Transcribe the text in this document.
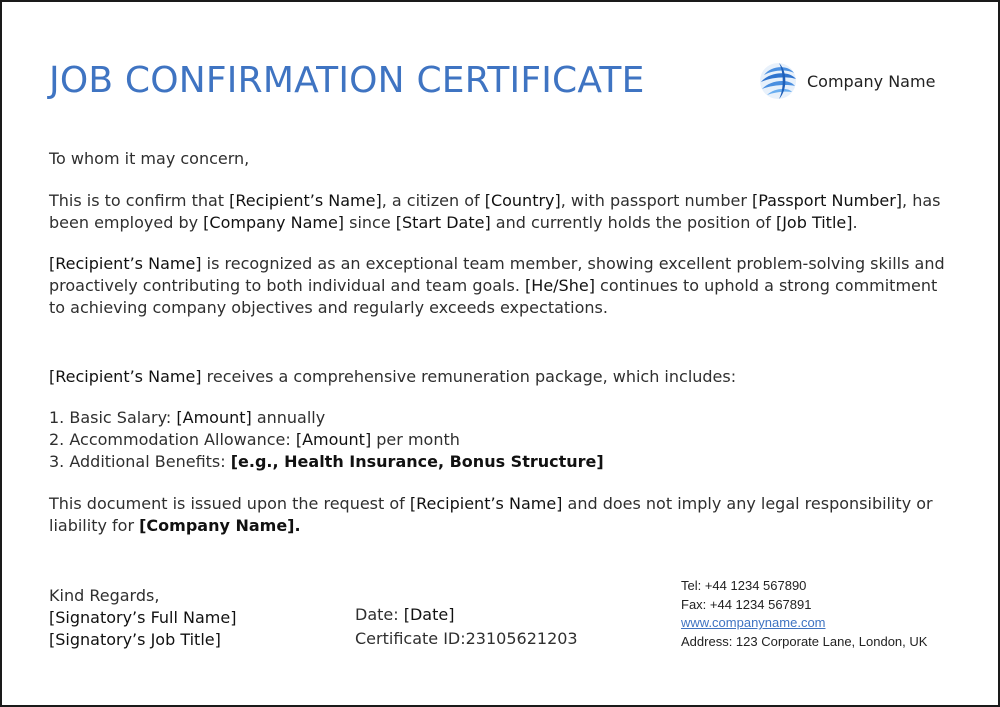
JOB CONFIRMATION CERTIFICATE	Company Name

To whom it may concern,

This is to confirm that [Recipient’s Name], a citizen of [Country], with passport number [Passport Number], has been employed by [Company Name] since [Start Date] and currently holds the position of [Job Title].

[Recipient’s Name] is recognized as an exceptional team member, showing excellent problem-solving skills and proactively contributing to both individual and team goals. [He/She] continues to uphold a strong commitment to achieving company objectives and regularly exceeds expectations.

[Recipient’s Name] receives a comprehensive remuneration package, which includes:

1. Basic Salary: [Amount] annually
2. Accommodation Allowance: [Amount] per month
3. Additional Benefits: [e.g., Health Insurance, Bonus Structure]

This document is issued upon the request of [Recipient’s Name] and does not imply any legal responsibility or liability for [Company Name].

Kind Regards,
[Signatory’s Full Name]
[Signatory’s Job Title]
Date: [Date]
Certificate ID:23105621203
Tel: +44 1234 567890
Fax: +44 1234 567891
www.companyname.com
Address: 123 Corporate Lane, London, UK
